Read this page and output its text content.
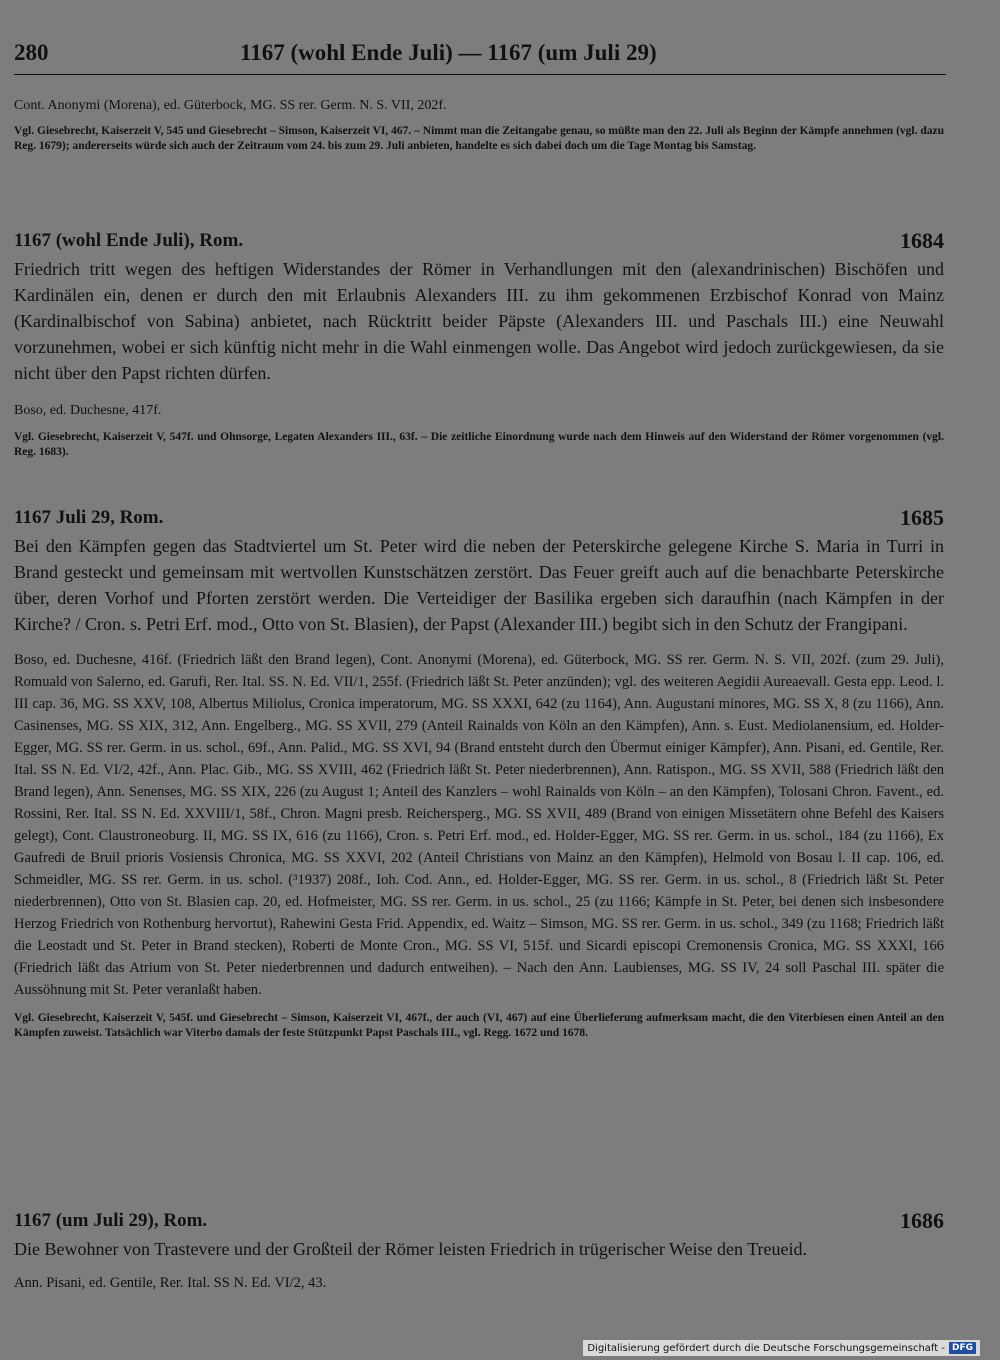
280	1167 (wohl Ende Juli) — 1167 (um Juli 29)

Cont. Anonymi (Morena), ed. Güterbock, MG. SS rer. Germ. N. S. VII, 202f.

Vgl. Giesebrecht, Kaiserzeit V, 545 und Giesebrecht – Simson, Kaiserzeit VI, 467. – Nimmt man die Zeitangabe genau, so müßte man den 22. Juli als Beginn der Kämpfe annehmen (vgl. dazu Reg. 1679); andererseits würde sich auch der Zeitraum vom 24. bis zum 29. Juli anbieten, handelte es sich dabei doch um die Tage Montag bis Samstag.

1167 (wohl Ende Juli), Rom.	1684

Friedrich tritt wegen des heftigen Widerstandes der Römer in Verhandlungen mit den (alexandrinischen) Bischöfen und Kardinälen ein, denen er durch den mit Erlaubnis Alexanders III. zu ihm gekommenen Erzbischof Konrad von Mainz (Kardinalbischof von Sabina) anbietet, nach Rücktritt beider Päpste (Alexanders III. und Paschals III.) eine Neuwahl vorzunehmen, wobei er sich künftig nicht mehr in die Wahl einmengen wolle. Das Angebot wird jedoch zurückgewiesen, da sie nicht über den Papst richten dürfen.

Boso, ed. Duchesne, 417f.

Vgl. Giesebrecht, Kaiserzeit V, 547f. und Ohnsorge, Legaten Alexanders III., 63f. – Die zeitliche Einordnung wurde nach dem Hinweis auf den Widerstand der Römer vorgenommen (vgl. Reg. 1683).

1167 Juli 29, Rom.	1685

Bei den Kämpfen gegen das Stadtviertel um St. Peter wird die neben der Peterskirche gelegene Kirche S. Maria in Turri in Brand gesteckt und gemeinsam mit wertvollen Kunstschätzen zerstört. Das Feuer greift auch auf die benachbarte Peterskirche über, deren Vorhof und Pforten zerstört werden. Die Verteidiger der Basilika ergeben sich daraufhin (nach Kämpfen in der Kirche? / Cron. s. Petri Erf. mod., Otto von St. Blasien), der Papst (Alexander III.) begibt sich in den Schutz der Frangipani.

Boso, ed. Duchesne, 416f. (Friedrich läßt den Brand legen), Cont. Anonymi (Morena), ed. Güterbock, MG. SS rer. Germ. N. S. VII, 202f. (zum 29. Juli), Romuald von Salerno, ed. Garufi, Rer. Ital. SS. N. Ed. VII/1, 255f. (Friedrich läßt St. Peter anzünden); vgl. des weiteren Aegidii Aureaevall. Gesta epp. Leod. l. III cap. 36, MG. SS XXV, 108, Albertus Miliolus, Cronica imperatorum, MG. SS XXXI, 642 (zu 1164), Ann. Augustani minores, MG. SS X, 8 (zu 1166), Ann. Casinenses, MG. SS XIX, 312, Ann. Engelberg., MG. SS XVII, 279 (Anteil Rainalds von Köln an den Kämpfen), Ann. s. Eust. Mediolanensium, ed. Holder-Egger, MG. SS rer. Germ. in us. schol., 69f., Ann. Palid., MG. SS XVI, 94 (Brand entsteht durch den Übermut einiger Kämpfer), Ann. Pisani, ed. Gentile, Rer. Ital. SS N. Ed. VI/2, 42f., Ann. Plac. Gib., MG. SS XVIII, 462 (Friedrich läßt St. Peter niederbrennen), Ann. Ratispon., MG. SS XVII, 588 (Friedrich läßt den Brand legen), Ann. Senenses, MG. SS XIX, 226 (zu August 1; Anteil des Kanzlers – wohl Rainalds von Köln – an den Kämpfen), Tolosani Chron. Favent., ed. Rossini, Rer. Ital. SS N. Ed. XXVIII/1, 58f., Chron. Magni presb. Reichersperg., MG. SS XVII, 489 (Brand von einigen Missetätern ohne Befehl des Kaisers gelegt), Cont. Claustroneoburg. II, MG. SS IX, 616 (zu 1166), Cron. s. Petri Erf. mod., ed. Holder-Egger, MG. SS rer. Germ. in us. schol., 184 (zu 1166), Ex Gaufredi de Bruil prioris Vosiensis Chronica, MG. SS XXVI, 202 (Anteil Christians von Mainz an den Kämpfen), Helmold von Bosau l. II cap. 106, ed. Schmeidler, MG. SS rer. Germ. in us. schol. (³1937) 208f., Ioh. Cod. Ann., ed. Holder-Egger, MG. SS rer. Germ. in us. schol., 8 (Friedrich läßt St. Peter niederbrennen), Otto von St. Blasien cap. 20, ed. Hofmeister, MG. SS rer. Germ. in us. schol., 25 (zu 1166; Kämpfe in St. Peter, bei denen sich insbesondere Herzog Friedrich von Rothenburg hervortut), Rahewini Gesta Frid. Appendix, ed. Waitz – Simson, MG. SS rer. Germ. in us. schol., 349 (zu 1168; Friedrich läßt die Leostadt und St. Peter in Brand stecken), Roberti de Monte Cron., MG. SS VI, 515f. und Sicardi episcopi Cremonensis Cronica, MG. SS XXXI, 166 (Friedrich läßt das Atrium von St. Peter niederbrennen und dadurch entweihen). – Nach den Ann. Laubienses, MG. SS IV, 24 soll Paschal III. später die Aussöhnung mit St. Peter veranlaßt haben.

Vgl. Giesebrecht, Kaiserzeit V, 545f. und Giesebrecht – Simson, Kaiserzeit VI, 467f., der auch (VI, 467) auf eine Überlieferung aufmerksam macht, die den Viterbiesen einen Anteil an den Kämpfen zuweist. Tatsächlich war Viterbo damals der feste Stützpunkt Papst Paschals III., vgl. Regg. 1672 und 1678.

1167 (um Juli 29), Rom.	1686

Die Bewohner von Trastevere und der Großteil der Römer leisten Friedrich in trügerischer Weise den Treueid.

Ann. Pisani, ed. Gentile, Rer. Ital. SS N. Ed. VI/2, 43.

Digitalisierung gefördert durch die Deutsche Forschungsgemeinschaft - DFG
